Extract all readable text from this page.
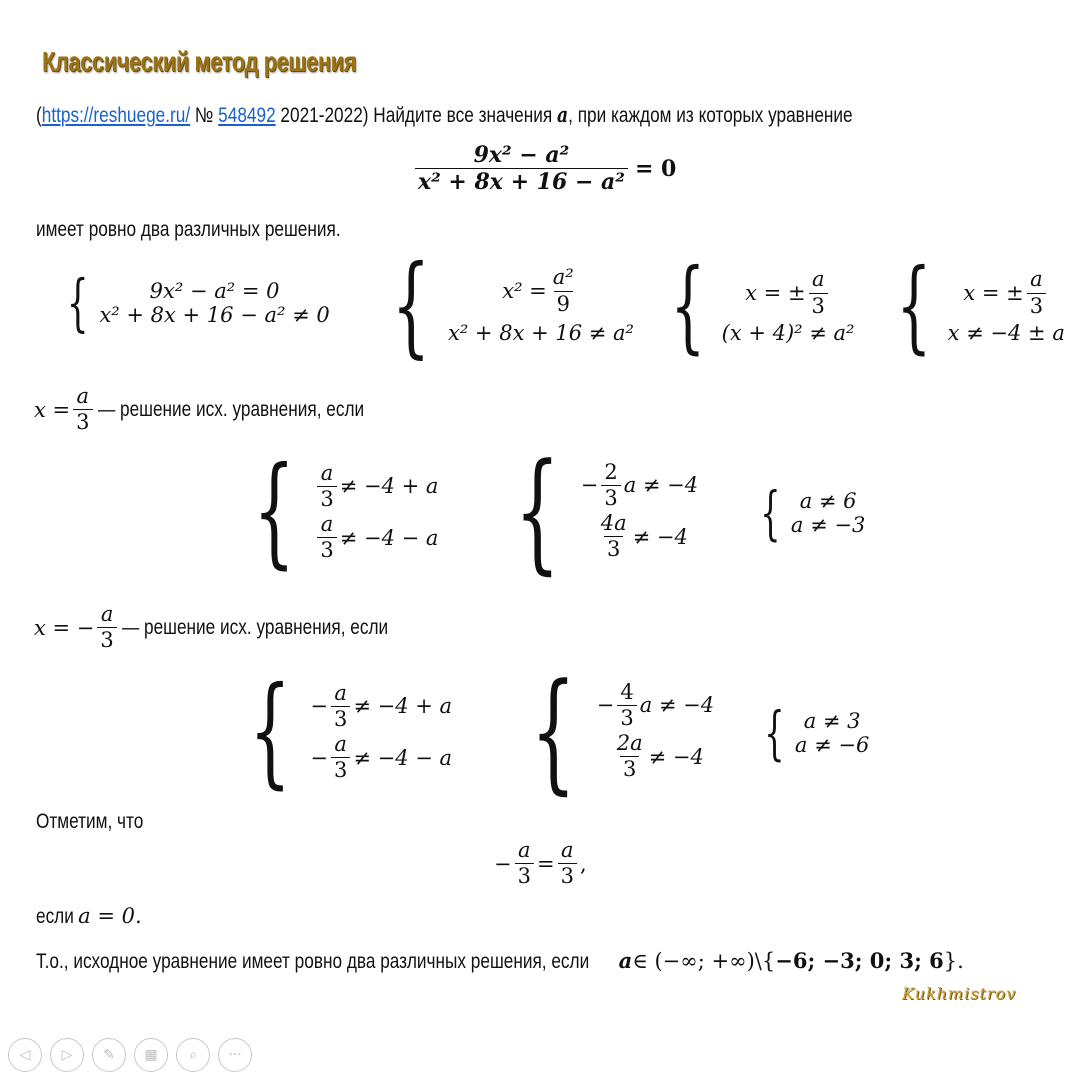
Классический метод решения
(https://reshuege.ru/ № 548492 2021-2022) Найдите все значения a, при каждом из которых уравнение
$\frac{\text{9x² − a²}}{\text{x² + 8x + 16 − a²}} = 0$
имеет ровно два различных решения.
{	9x² − a² = 0
x² + 8x + 16 − a² ≠ 0 {	$x^2 = \frac{\text{a²}}{9}$
x² + 8x + 16 ≠ a² { x = ± $\frac{a}{3}$
(x + 4)² ≠ a² { x = ± $\frac{a}{3}$
x ≠ −4 ± a
$x = \frac{a}{3}$ — решение исх. уравнения, если
{ $\frac{a}{3} \ne -4 + a$
$\frac{a}{3} \ne -4 - a$ { − $\frac{2}{3}$ a ≠ −4
$\frac{4a}{3} \ne -4$ { a ≠ 6
a ≠ −3
x = − $\frac{a}{3}$ — решение исх. уравнения, если
{ − $\frac{a}{3} \ne -4 + a$
− $\frac{a}{3} \ne -4 - a$ { − $\frac{4}{3}$ a ≠ −4
$\frac{2a}{3} \ne -4$ { a ≠ 3
a ≠ −6
Отметим, что
− $\frac{a}{3} = \frac{a}{3}$ ,
если a = 0.
Т.о., исходное уравнение имеет ровно два различных решения, если a ∈ (−∞; +∞)\{ −6; −3; 0; 3; 6 }.
Kukhmistrov
◁	▷	✎	▦	⌕	···
